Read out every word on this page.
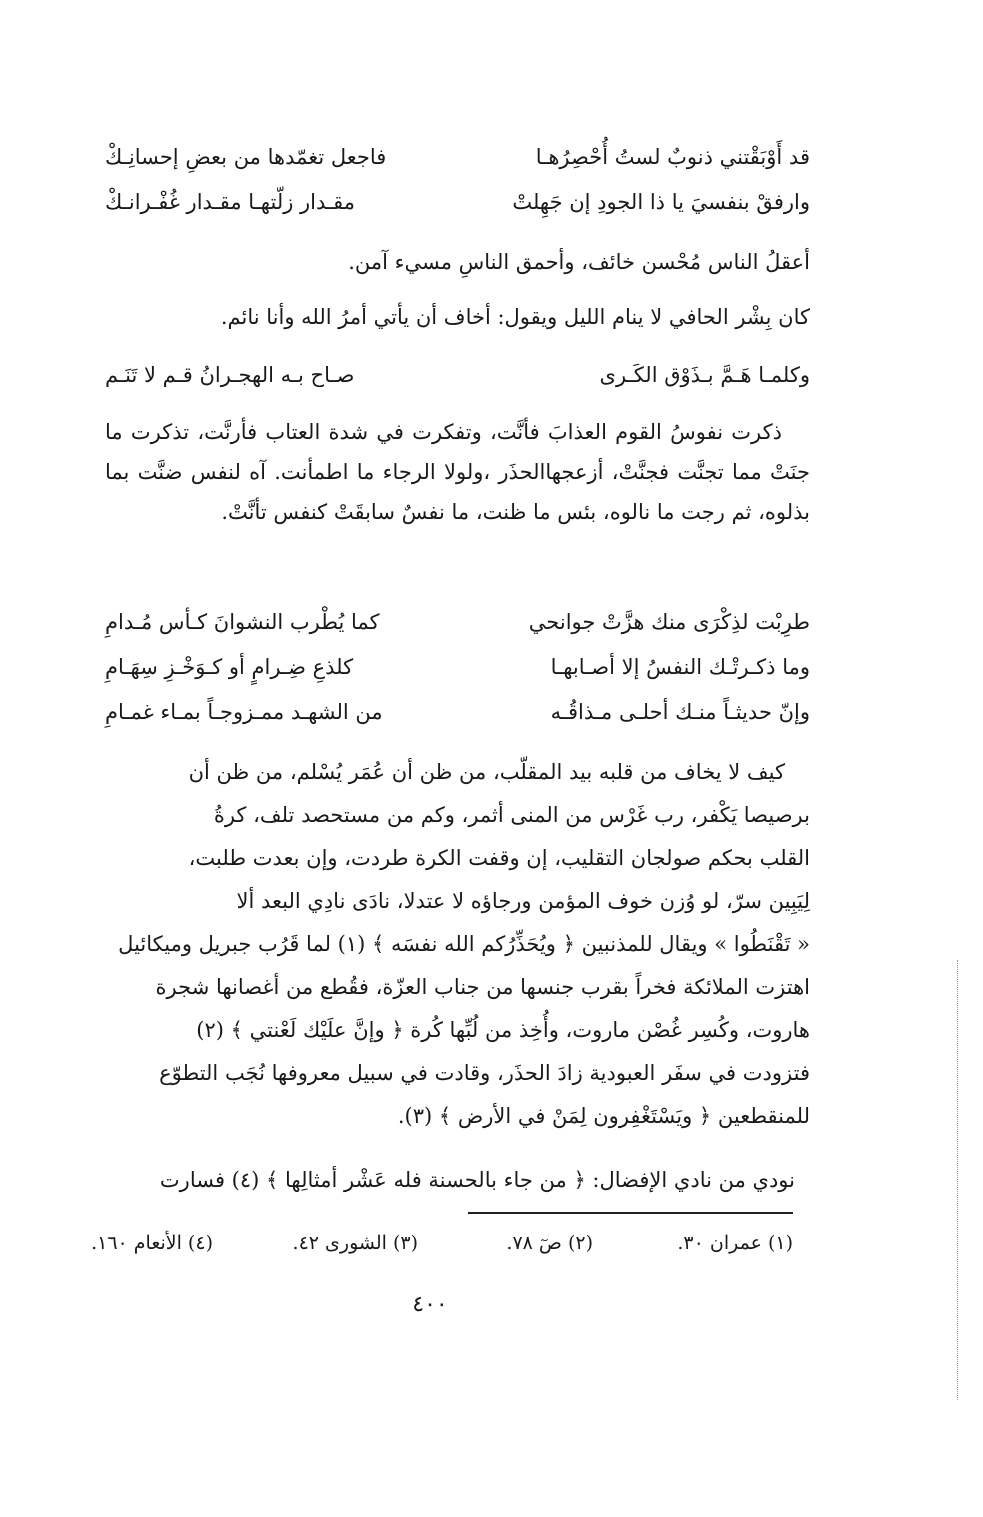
قد أَوْبَقْتني ذنوبٌ لستُ أُحْصِرُهـا
فاجعل تغمّدها من بعضِ إحسانِـكْ
وارفقْ بنفسيَ يا ذا الجودِ إن جَهِلتْ
مقـدار زلّتهـا مقـدار غُفْـرانـكْ
أعقلُ الناس مُحْسن خائف، وأحمق الناسِ مسيء آمن.
كان بِشْر الحافي لا ينام الليل ويقول: أخاف أن يأتي أمرُ الله وأنا نائم.
وكلمـا هَـمَّ بـذَوْق الكَـرى
صـاح بـه الهجـرانُ قـم لا تَنَـم

ذكرت نفوسُ القوم العذابَ فأنَّت، وتفكرت في شدة العتاب فأرنَّت، تذكرت ما جنَتْ مما تجنَّت فجنَّتْ، أزعجهاالحذَر ،ولولا الرجاء ما اطمأنت. آه لنفس ضنَّت بما بذلوه، ثم رجت ما نالوه، بئس ما ظنت، ما نفسٌ سابقَتْ كنفس تأنَّتْ.

طرِبْت لذِكْرَى منك هزَّتْ جوانحي
كما يُطْرب النشوانَ كـأس مُـدامِ
وما ذكـرتْـك النفسُ إلا أصـابهـا
كلذعِ ضِـرامٍ أو كـوَخْـزِ سِهَـامِ
وإنّ حديثـاً منـك أحلـى مـذاقُـه
من الشهـد ممـزوجـاً بمـاء غمـامِ
كيف لا يخاف من قلبه بيد المقلّب، من ظن أن عُمَر يُسْلم، من ظن أن
برصيصا يَكْفر، رب غَرْس من المنى أثمر، وكم من مستحصد تلف، كرةُ
القلب بحكم صولجان التقليب، إن وقفت الكرة طردت، وإن بعدت طلبت،
لِيَبِين سرّ، لو وُزن خوف المؤمن ورجاؤه لا عتدلا، نادَى نادِي البعد ألا
« تَقْنَطُوا » ويقال للمذنبين ﴿ ويُحَذِّرُكم الله نفسَه ﴾ (١) لما قَرُب جبريل وميكائيل
اهتزت الملائكة فخراً بقرب جنسها من جناب العزّة، فقُطع من أغصانها شجرة
هاروت، وكُسِر غُصْن ماروت، وأُخِذ من لُبِّها كُرة ﴿ وإنَّ علَيْك لَعْنتي ﴾ (٢)
فتزودت في سفَر العبودية زادَ الحذَر، وقادت في سبيل معروفها نُجَب التطوّع
للمنقطعين ﴿ ويَسْتَغْفِرون لِمَنْ في الأرض ﴾ (٣).
نودي من نادي الإفضال: ﴿ من جاء بالحسنة فله عَشْر أمثالِها ﴾ (٤) فسارت
(١) عمران ٣٠.
(٢) صٓ ٧٨.
(٣) الشورى ٤٢.
(٤) الأنعام ١٦٠.
٤٠٠
